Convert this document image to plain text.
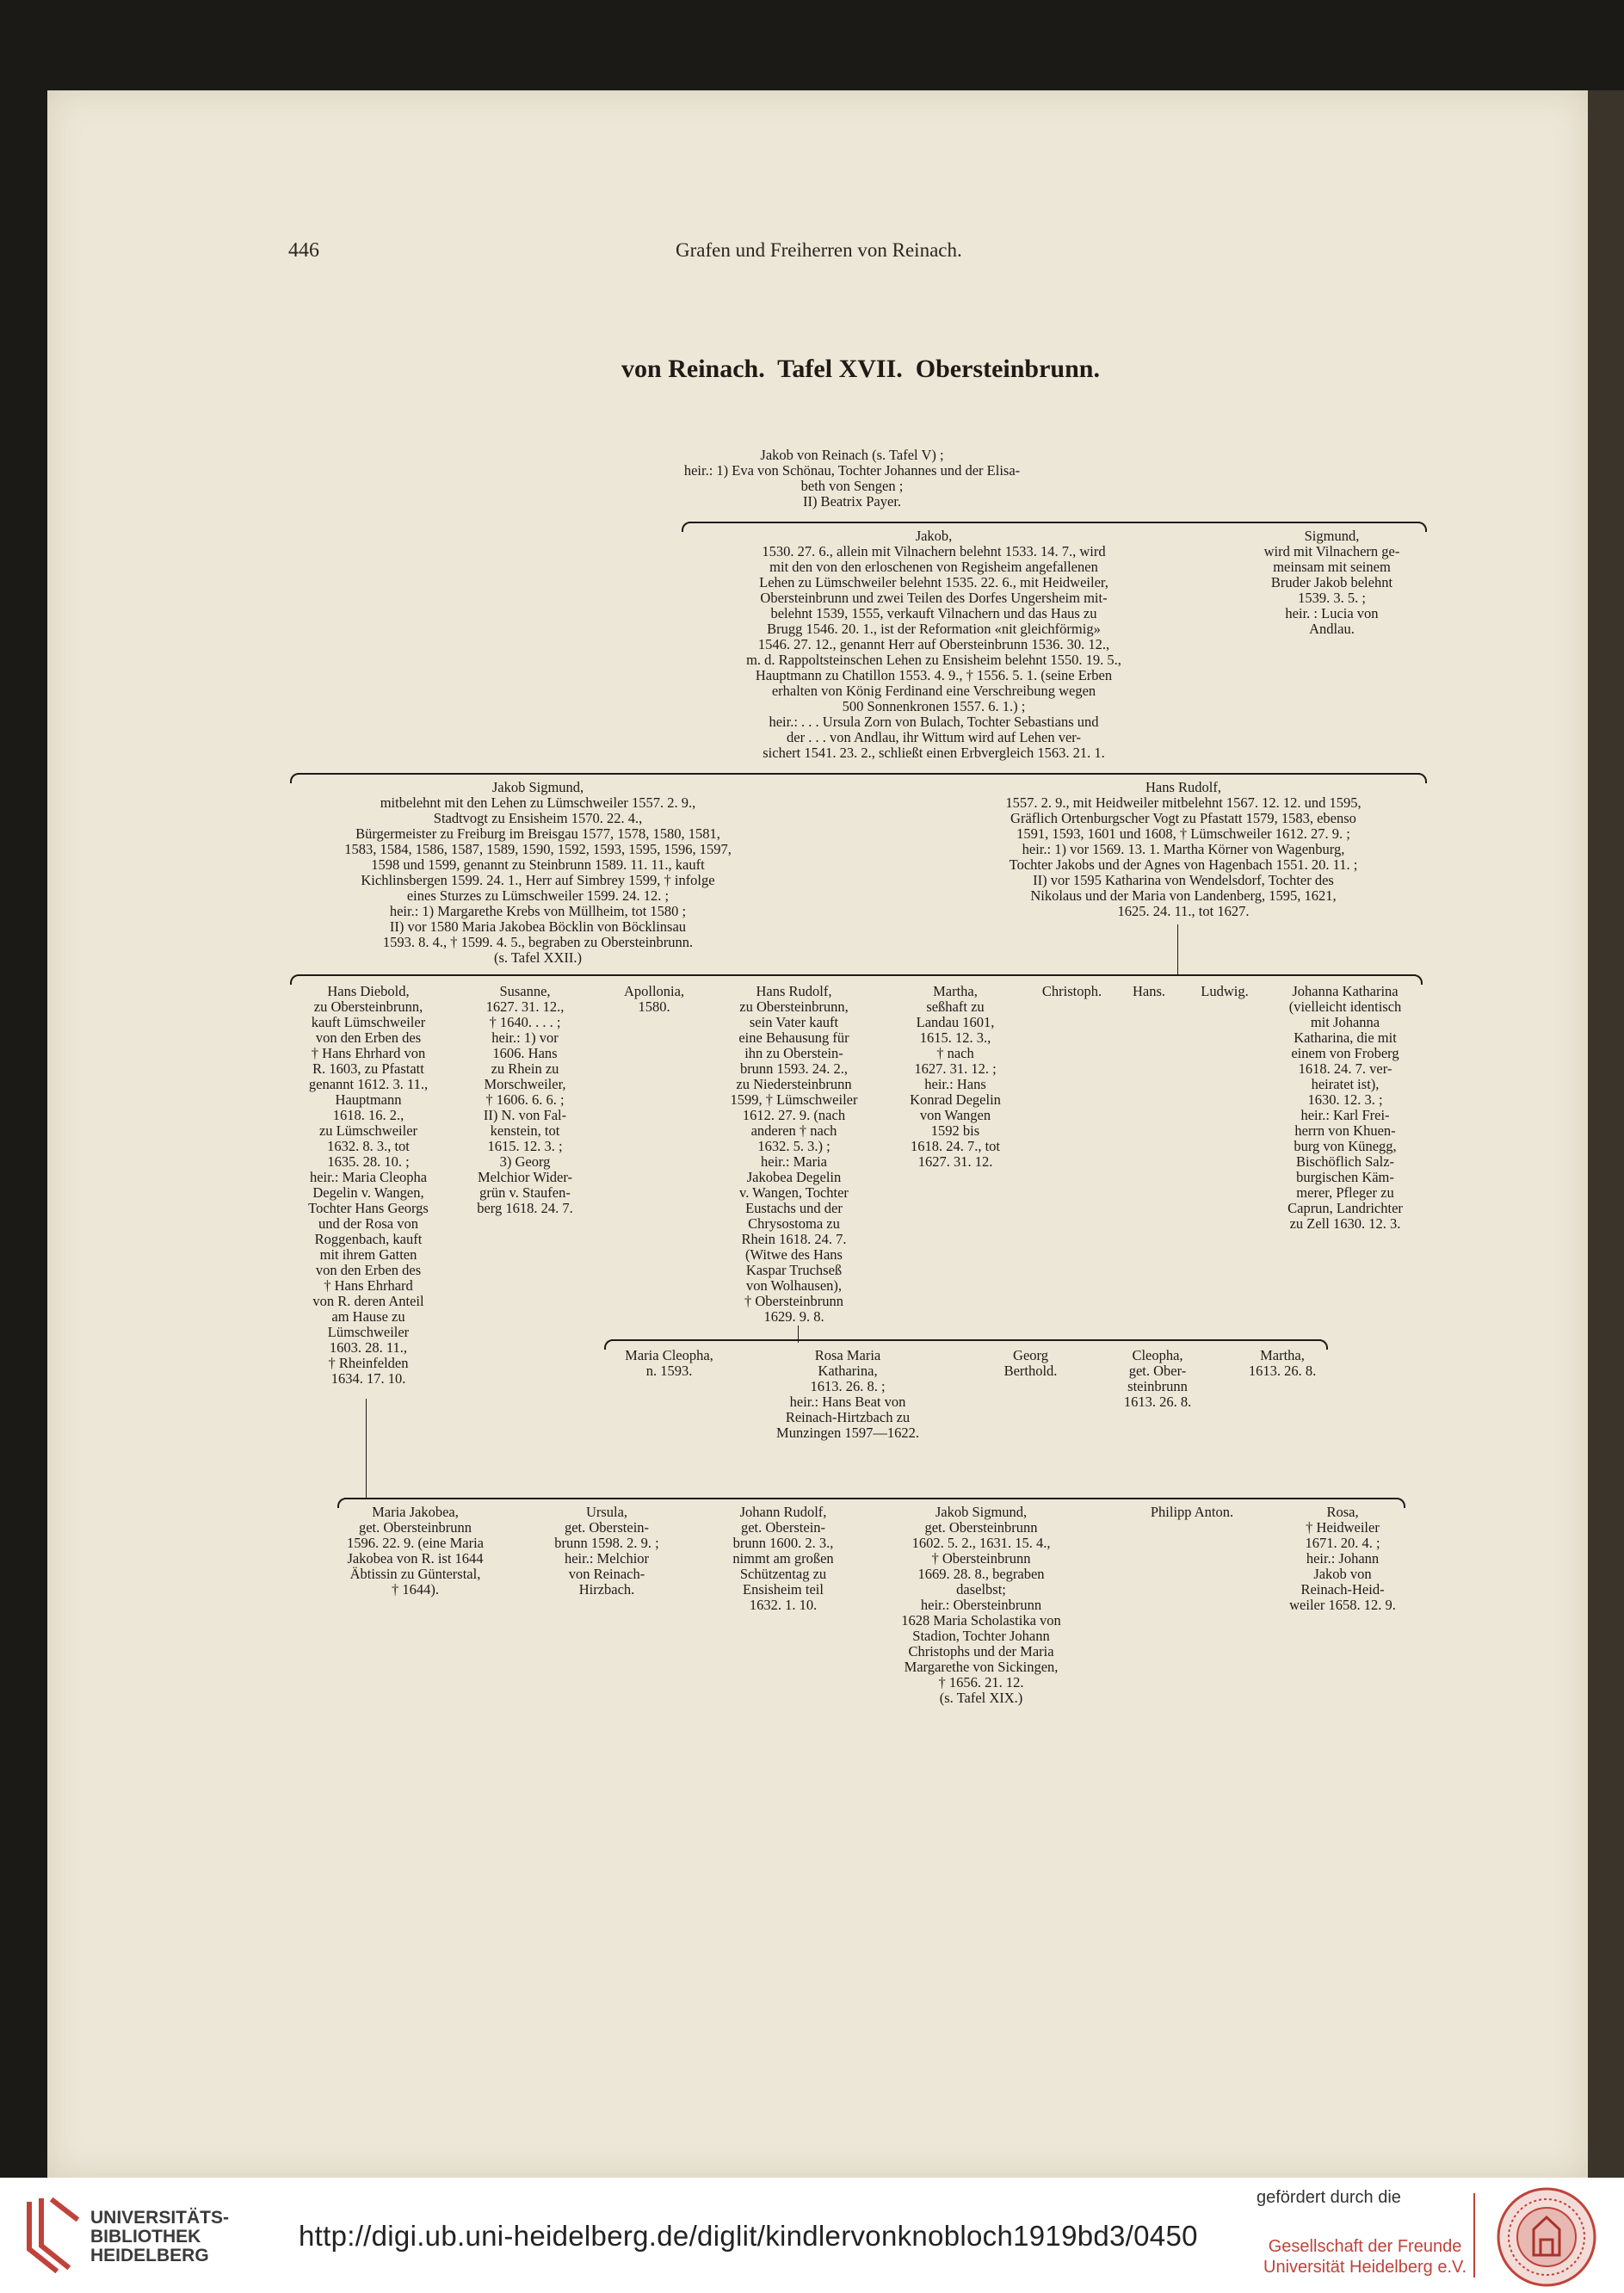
446	Grafen und Freiherren von Reinach.
von Reinach.  Tafel XVII.  Obersteinbrunn.
Jakob von Reinach (s. Tafel V) ;
heir.: 1) Eva von Schönau, Tochter Johannes und der Elisa-
beth von Sengen ;
II) Beatrix Payer.
Jakob,
1530. 27. 6., allein mit Vilnachern belehnt 1533. 14. 7., wird
mit den von den erloschenen von Regisheim angefallenen
Lehen zu Lümschweiler belehnt 1535. 22. 6., mit Heidweiler,
Obersteinbrunn und zwei Teilen des Dorfes Ungersheim mit-
belehnt 1539, 1555, verkauft Vilnachern und das Haus zu
Brugg 1546. 20. 1., ist der Reformation «nit gleichförmig»
1546. 27. 12., genannt Herr auf Obersteinbrunn 1536. 30. 12.,
m. d. Rappoltsteinschen Lehen zu Ensisheim belehnt 1550. 19. 5.,
Hauptmann zu Chatillon 1553. 4. 9., † 1556. 5. 1. (seine Erben
erhalten von König Ferdinand eine Verschreibung wegen
500 Sonnenkronen 1557. 6. 1.) ;
heir.: . . . Ursula Zorn von Bulach, Tochter Sebastians und
der . . . von Andlau, ihr Wittum wird auf Lehen ver-
sichert 1541. 23. 2., schließt einen Erbvergleich 1563. 21. 1.
Sigmund,
wird mit Vilnachern ge-
meinsam mit seinem
Bruder Jakob belehnt
1539. 3. 5. ;
heir. : Lucia von
Andlau.
Jakob Sigmund,
mitbelehnt mit den Lehen zu Lümschweiler 1557. 2. 9.,
Stadtvogt zu Ensisheim 1570. 22. 4.,
Bürgermeister zu Freiburg im Breisgau 1577, 1578, 1580, 1581,
1583, 1584, 1586, 1587, 1589, 1590, 1592, 1593, 1595, 1596, 1597,
1598 und 1599, genannt zu Steinbrunn 1589. 11. 11., kauft
Kichlinsbergen 1599. 24. 1., Herr auf Simbrey 1599, † infolge
eines Sturzes zu Lümschweiler 1599. 24. 12. ;
heir.: 1) Margarethe Krebs von Müllheim, tot 1580 ;
II) vor 1580 Maria Jakobea Böcklin von Böcklinsau
1593. 8. 4., † 1599. 4. 5., begraben zu Obersteinbrunn.
(s. Tafel XXII.)
Hans Rudolf,
1557. 2. 9., mit Heidweiler mitbelehnt 1567. 12. 12. und 1595,
Gräflich Ortenburgscher Vogt zu Pfastatt 1579, 1583, ebenso
1591, 1593, 1601 und 1608, † Lümschweiler 1612. 27. 9. ;
heir.: 1) vor 1569. 13. 1. Martha Körner von Wagenburg,
Tochter Jakobs und der Agnes von Hagenbach 1551. 20. 11. ;
II) vor 1595 Katharina von Wendelsdorf, Tochter des
Nikolaus und der Maria von Landenberg, 1595, 1621,
1625. 24. 11., tot 1627.
Hans Diebold,
zu Obersteinbrunn,
kauft Lümschweiler
von den Erben des
† Hans Ehrhard von
R. 1603, zu Pfastatt
genannt 1612. 3. 11.,
Hauptmann
1618. 16. 2.,
zu Lümschweiler
1632. 8. 3., tot
1635. 28. 10. ;
heir.: Maria Cleopha
Degelin v. Wangen,
Tochter Hans Georgs
und der Rosa von
Roggenbach, kauft
mit ihrem Gatten
von den Erben des
† Hans Ehrhard
von R. deren Anteil
am Hause zu
Lümschweiler
1603. 28. 11.,
† Rheinfelden
1634. 17. 10.
Susanne,
1627. 31. 12.,
† 1640. . . . ;
heir.: 1) vor
1606. Hans
zu Rhein zu
Morschweiler,
† 1606. 6. 6. ;
II) N. von Fal-
kenstein, tot
1615. 12. 3. ;
3) Georg
Melchior Wider-
grün v. Staufen-
berg 1618. 24. 7.
Apollonia,
1580.
Hans Rudolf,
zu Obersteinbrunn,
sein Vater kauft
eine Behausung für
ihn zu Oberstein-
brunn 1593. 24. 2.,
zu Niedersteinbrunn
1599, † Lümschweiler
1612. 27. 9. (nach
anderen † nach
1632. 5. 3.) ;
heir.: Maria
Jakobea Degelin
v. Wangen, Tochter
Eustachs und der
Chrysostoma zu
Rhein 1618. 24. 7.
(Witwe des Hans
Kaspar Truchseß
von Wolhausen),
† Obersteinbrunn
1629. 9. 8.
Martha,
seßhaft zu
Landau 1601,
1615. 12. 3.,
† nach
1627. 31. 12. ;
heir.: Hans
Konrad Degelin
von Wangen
1592 bis
1618. 24. 7., tot
1627. 31. 12.
Christoph.	Hans.	Ludwig.	Johanna Katharina
(vielleicht identisch
mit Johanna
Katharina, die mit
einem von Froberg
1618. 24. 7. ver-
heiratet ist),
1630. 12. 3. ;
heir.: Karl Frei-
herrn von Khuen-
burg von Künegg,
Bischöflich Salz-
burgischen Käm-
merer, Pfleger zu
Caprun, Landrichter
zu Zell 1630. 12. 3.
Maria Cleopha,
n. 1593.
Rosa Maria
Katharina,
1613. 26. 8. ;
heir.: Hans Beat von
Reinach-Hirtzbach zu
Munzingen 1597—1622.
Georg
Berthold.
Cleopha,
get. Ober-
steinbrunn
1613. 26. 8.
Martha,
1613. 26. 8.
Maria Jakobea,
get. Obersteinbrunn
1596. 22. 9. (eine Maria
Jakobea von R. ist 1644
Äbtissin zu Günterstal,
† 1644).
Ursula,
get. Oberstein-
brunn 1598. 2. 9. ;
heir.: Melchior
von Reinach-
Hirzbach.
Johann Rudolf,
get. Oberstein-
brunn 1600. 2. 3.,
nimmt am großen
Schützentag zu
Ensisheim teil
1632. 1. 10.
Jakob Sigmund,
get. Obersteinbrunn
1602. 5. 2., 1631. 15. 4.,
† Obersteinbrunn
1669. 28. 8., begraben
daselbst;
heir.: Obersteinbrunn
1628 Maria Scholastika von
Stadion, Tochter Johann
Christophs und der Maria
Margarethe von Sickingen,
† 1656. 21. 12.
(s. Tafel XIX.)
Philipp Anton.	Rosa,
† Heidweiler
1671. 20. 4. ;
heir.: Johann
Jakob von
Reinach-Heid-
weiler 1658. 12. 9.
UNIVERSITÄTS-
BIBLIOTHEK
HEIDELBERG
http://digi.ub.uni-heidelberg.de/diglit/kindlervonknobloch1919bd3/0450
gefördert durch die
Gesellschaft der Freunde
Universität Heidelberg e.V.
